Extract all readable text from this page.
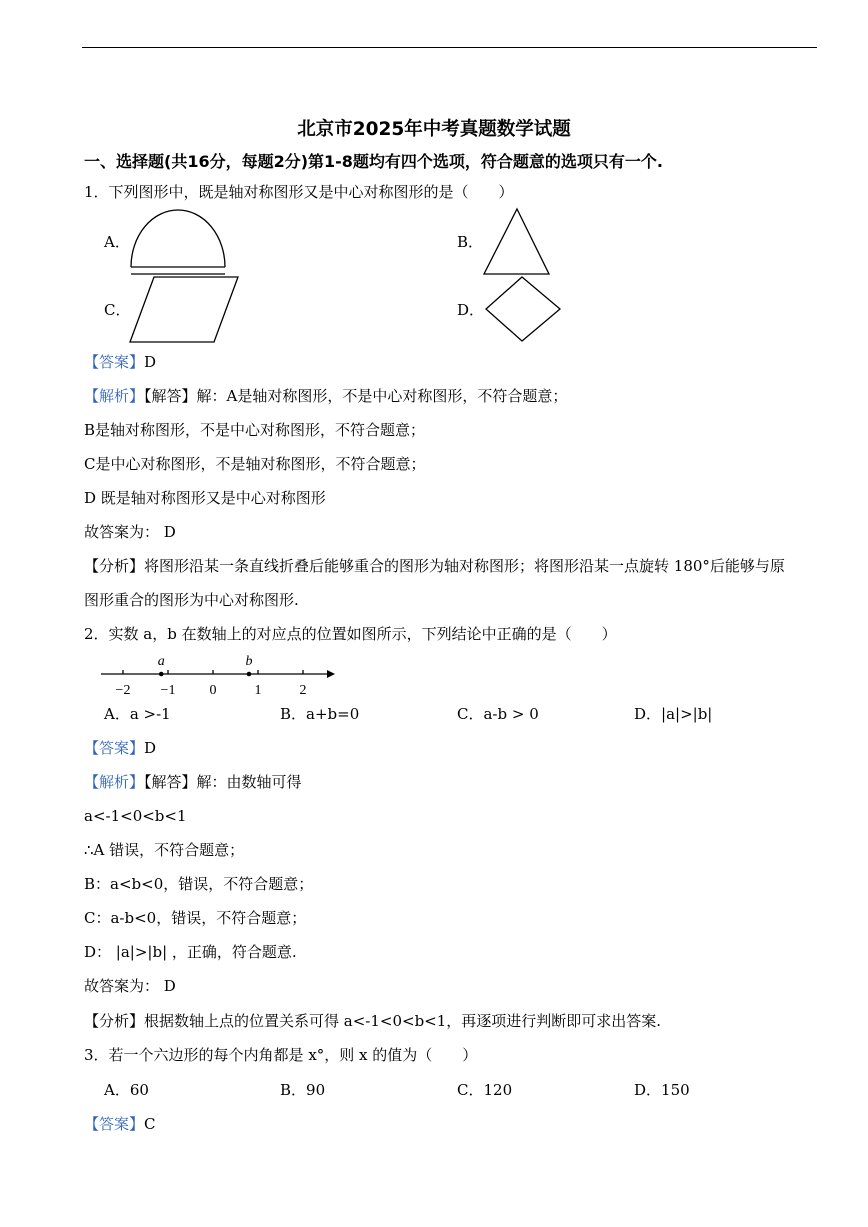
北京市2025年中考真题数学试题
一、选择题(共16分，每题2分)第1-8题均有四个选项，符合题意的选项只有一个.
1．下列图形中，既是轴对称图形又是中心对称图形的是（　　）
A．	B．
C．	D．
【答案】D
【解析】【解答】解：A是轴对称图形，不是中心对称图形，不符合题意；
B是轴对称图形，不是中心对称图形，不符合题意；
C是中心对称图形，不是轴对称图形，不符合题意；
D 既是轴对称图形又是中心对称图形
故答案为： D
【分析】将图形沿某一条直线折叠后能够重合的图形为轴对称图形；将图形沿某一点旋转 180°后能够与原
图形重合的图形为中心对称图形.
2．实数 a，b 在数轴上的对应点的位置如图所示，下列结论中正确的是（　　）
−2 −1 0	1	2
a	b
A．a >-1	B．a+b=0	C．a-b > 0	D．|a|>|b|
【答案】D
【解析】【解答】解：由数轴可得
a<-1<0<b<1
∴A 错误，不符合题意；
B：a<b<0，错误，不符合题意；
C：a-b<0，错误，不符合题意；
D： |a|>|b| ，正确，符合题意.
故答案为： D
【分析】根据数轴上点的位置关系可得 a<-1<0<b<1，再逐项进行判断即可求出答案.
3．若一个六边形的每个内角都是 x°，则 x 的值为（　　）
A．60	B．90	C．120	D．150
【答案】C
